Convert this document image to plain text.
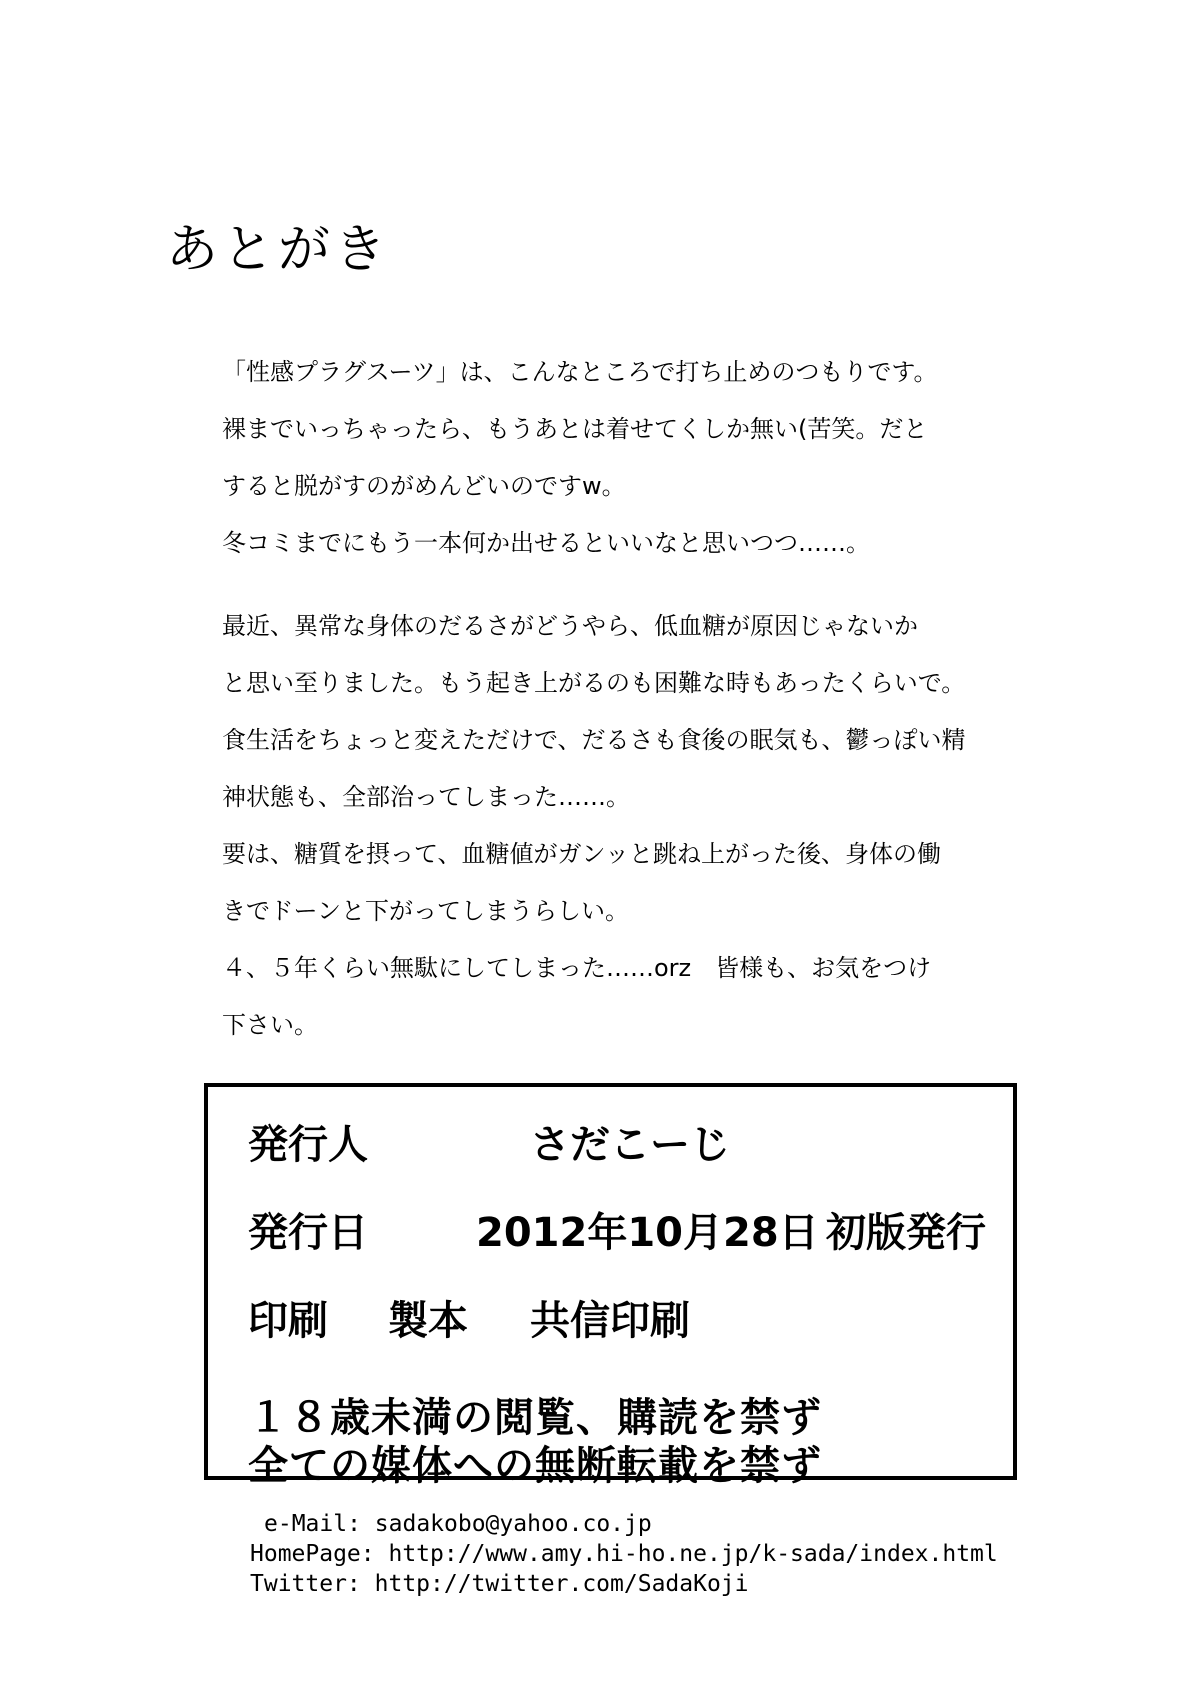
あとがき

「性感プラグスーツ」は、こんなところで打ち止めのつもりです。

裸までいっちゃったら、もうあとは着せてくしか無い(苦笑。だと

すると脱がすのがめんどいのですw。

冬コミまでにもう一本何か出せるといいなと思いつつ……。

最近、異常な身体のだるさがどうやら、低血糖が原因じゃないか

と思い至りました。もう起き上がるのも困難な時もあったくらいで。

食生活をちょっと変えただけで、だるさも食後の眠気も、鬱っぽい精

神状態も、全部治ってしまった……。

要は、糖質を摂って、血糖値がガンッと跳ね上がった後、身体の働

きでドーンと下がってしまうらしい。

４、５年くらい無駄にしてしまった……orz　皆様も、お気をつけ

下さい。

発行人	さだこーじ
発行日	2012年10月28日 初版発行
印刷 製本 共信印刷
１８歳未満の閲覧、購読を禁ず
全ての媒体への無断転載を禁ず
e-Mail: sadakobo@yahoo.co.jp
HomePage: http://www.amy.hi-ho.ne.jp/k-sada/index.html
Twitter: http://twitter.com/SadaKoji
